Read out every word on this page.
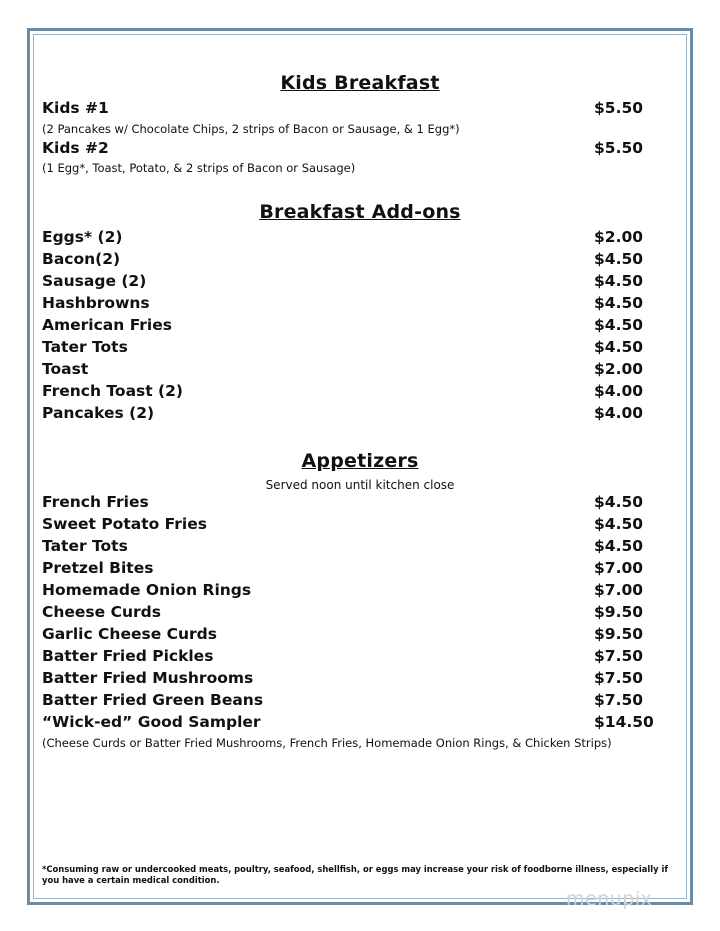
Kids Breakfast
Kids #1	$5.50
(2 Pancakes w/ Chocolate Chips, 2 strips of Bacon or Sausage, & 1 Egg*)
Kids #2	$5.50
(1 Egg*, Toast, Potato, & 2 strips of Bacon or Sausage)
Breakfast Add-ons
Eggs* (2)	$2.00
Bacon(2)	$4.50
Sausage (2)	$4.50
Hashbrowns	$4.50
American Fries	$4.50
Tater Tots	$4.50
Toast	$2.00
French Toast (2)	$4.00
Pancakes (2)	$4.00
Appetizers
Served noon until kitchen close
French Fries	$4.50
Sweet Potato Fries	$4.50
Tater Tots	$4.50
Pretzel Bites	$7.00
Homemade Onion Rings	$7.00
Cheese Curds	$9.50
Garlic Cheese Curds	$9.50
Batter Fried Pickles	$7.50
Batter Fried Mushrooms	$7.50
Batter Fried Green Beans	$7.50
“Wick-ed” Good Sampler	$14.50
(Cheese Curds or Batter Fried Mushrooms, French Fries, Homemade Onion Rings, & Chicken Strips)
*Consuming raw or undercooked meats, poultry, seafood, shellfish, or eggs may increase your risk of foodborne illness, especially if you have a certain medical condition.
menupix
